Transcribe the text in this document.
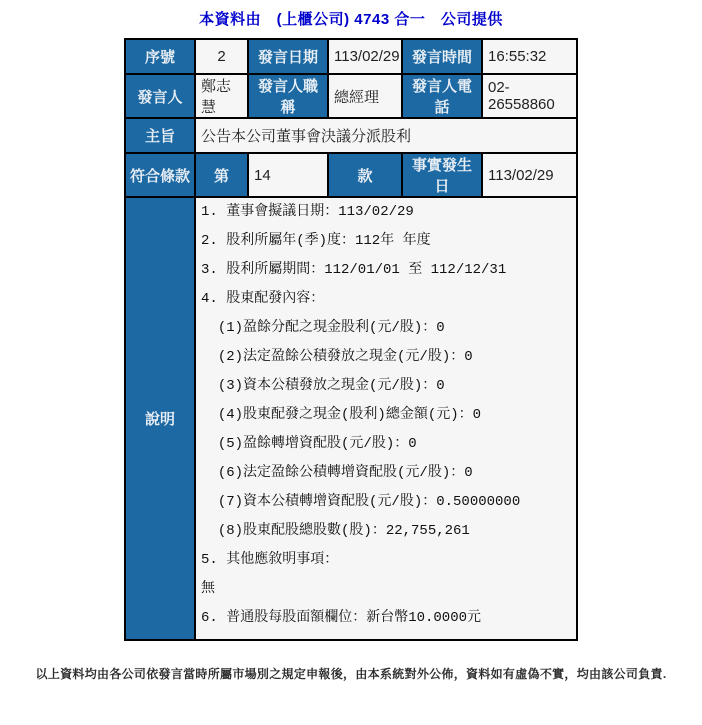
本資料由　(上櫃公司) 4743 合一　公司提供
序號	2	發言日期	113/02/29	發言時間	16:55:32
發言人	鄭志慧	發言人職稱	總經理	發言人電話	02-26558860
主旨	公告本公司董事會決議分派股利				
符合條款	第	14	款	事實發生日	113/02/29
說明	
1. 董事會擬議日期：113/02/29
2. 股利所屬年(季)度：112年 年度
3. 股利所屬期間：112/01/01 至 112/12/31
4. 股東配發內容：
(1)盈餘分配之現金股利(元/股)：0
(2)法定盈餘公積發放之現金(元/股)：0
(3)資本公積發放之現金(元/股)：0
(4)股東配發之現金(股利)總金額(元)：0
(5)盈餘轉增資配股(元/股)：0
(6)法定盈餘公積轉增資配股(元/股)：0
(7)資本公積轉增資配股(元/股)：0.50000000
(8)股東配股總股數(股)：22,755,261
5. 其他應敘明事項：
無
6. 普通股每股面額欄位：新台幣10.0000元
以上資料均由各公司依發言當時所屬市場別之規定申報後，由本系統對外公佈，資料如有虛偽不實，均由該公司負責.
